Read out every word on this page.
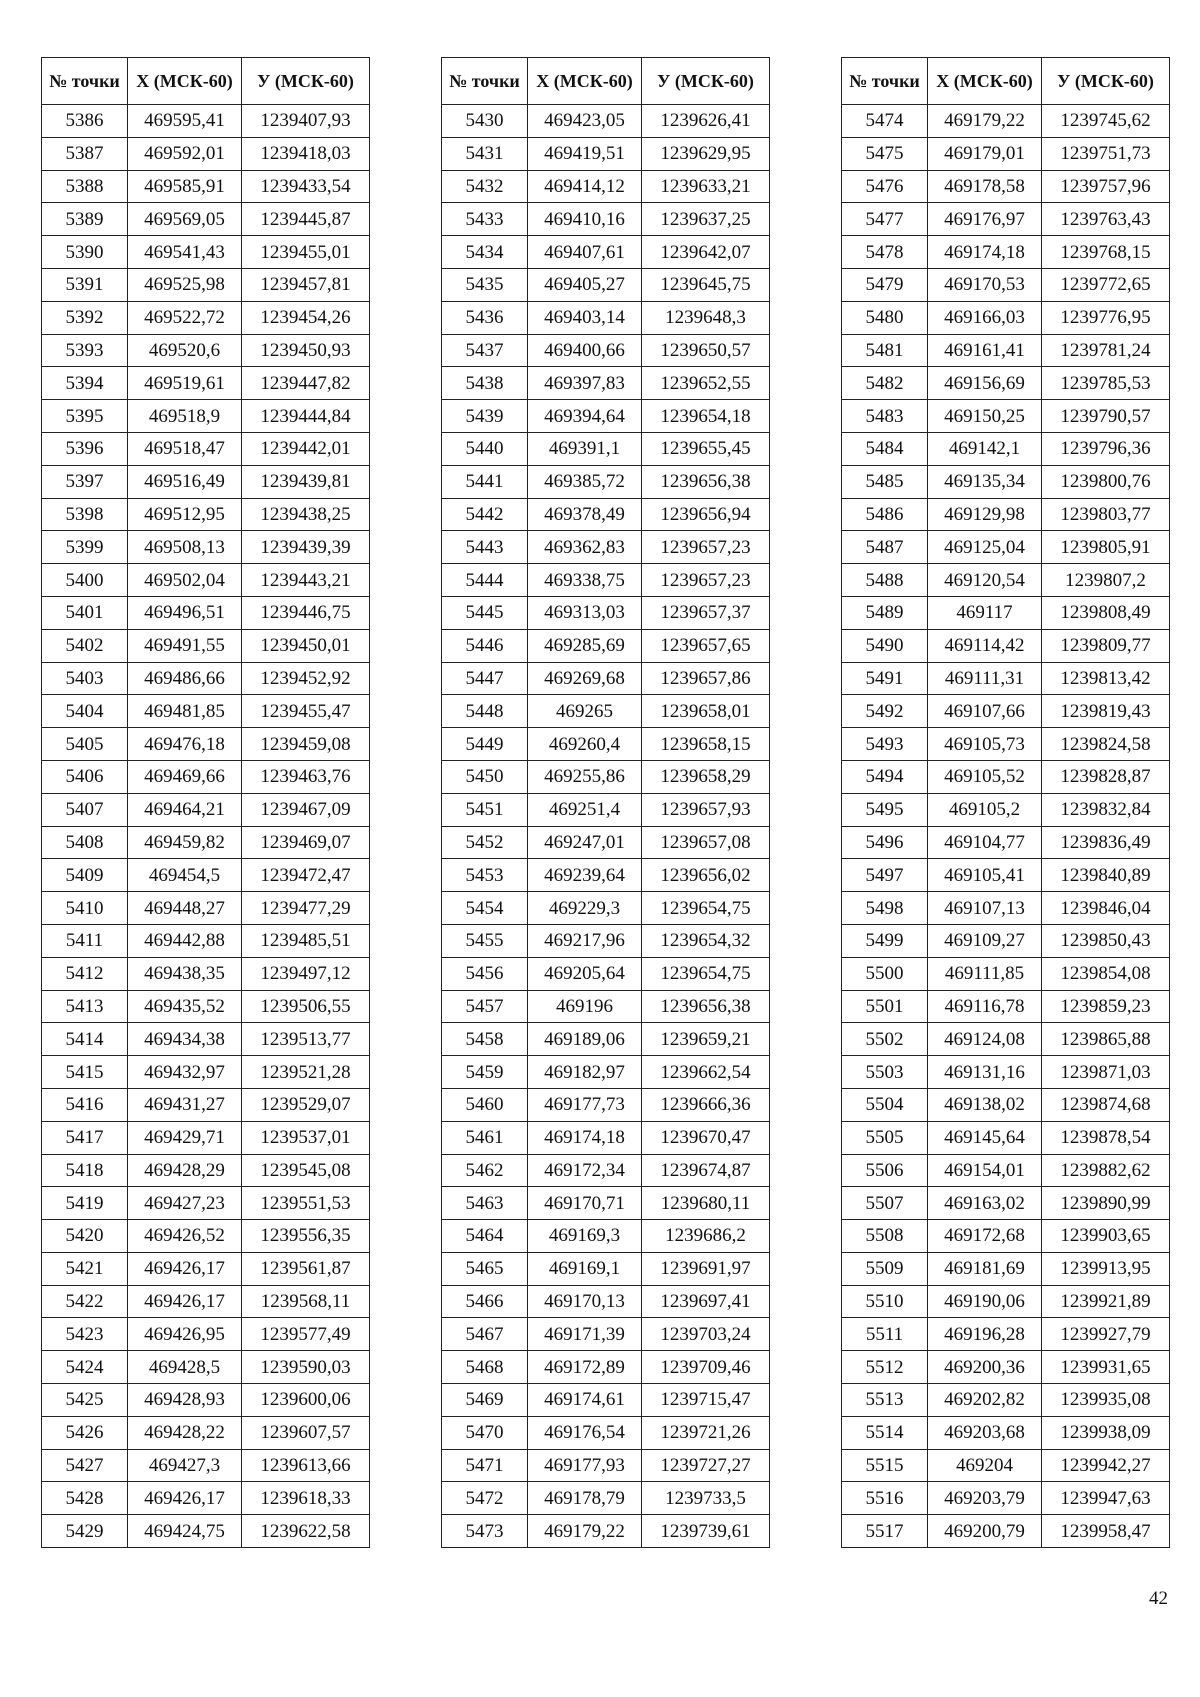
№ точки	Х (МСК-60)	У (МСК-60)
5386	469595,41	1239407,93
5387	469592,01	1239418,03
5388	469585,91	1239433,54
5389	469569,05	1239445,87
5390	469541,43	1239455,01
5391	469525,98	1239457,81
5392	469522,72	1239454,26
5393	469520,6	1239450,93
5394	469519,61	1239447,82
5395	469518,9	1239444,84
5396	469518,47	1239442,01
5397	469516,49	1239439,81
5398	469512,95	1239438,25
5399	469508,13	1239439,39
5400	469502,04	1239443,21
5401	469496,51	1239446,75
5402	469491,55	1239450,01
5403	469486,66	1239452,92
5404	469481,85	1239455,47
5405	469476,18	1239459,08
5406	469469,66	1239463,76
5407	469464,21	1239467,09
5408	469459,82	1239469,07
5409	469454,5	1239472,47
5410	469448,27	1239477,29
5411	469442,88	1239485,51
5412	469438,35	1239497,12
5413	469435,52	1239506,55
5414	469434,38	1239513,77
5415	469432,97	1239521,28
5416	469431,27	1239529,07
5417	469429,71	1239537,01
5418	469428,29	1239545,08
5419	469427,23	1239551,53
5420	469426,52	1239556,35
5421	469426,17	1239561,87
5422	469426,17	1239568,11
5423	469426,95	1239577,49
5424	469428,5	1239590,03
5425	469428,93	1239600,06
5426	469428,22	1239607,57
5427	469427,3	1239613,66
5428	469426,17	1239618,33
5429	469424,75	1239622,58
№ точки	Х (МСК-60)	У (МСК-60)
5430	469423,05	1239626,41
5431	469419,51	1239629,95
5432	469414,12	1239633,21
5433	469410,16	1239637,25
5434	469407,61	1239642,07
5435	469405,27	1239645,75
5436	469403,14	1239648,3
5437	469400,66	1239650,57
5438	469397,83	1239652,55
5439	469394,64	1239654,18
5440	469391,1	1239655,45
5441	469385,72	1239656,38
5442	469378,49	1239656,94
5443	469362,83	1239657,23
5444	469338,75	1239657,23
5445	469313,03	1239657,37
5446	469285,69	1239657,65
5447	469269,68	1239657,86
5448	469265	1239658,01
5449	469260,4	1239658,15
5450	469255,86	1239658,29
5451	469251,4	1239657,93
5452	469247,01	1239657,08
5453	469239,64	1239656,02
5454	469229,3	1239654,75
5455	469217,96	1239654,32
5456	469205,64	1239654,75
5457	469196	1239656,38
5458	469189,06	1239659,21
5459	469182,97	1239662,54
5460	469177,73	1239666,36
5461	469174,18	1239670,47
5462	469172,34	1239674,87
5463	469170,71	1239680,11
5464	469169,3	1239686,2
5465	469169,1	1239691,97
5466	469170,13	1239697,41
5467	469171,39	1239703,24
5468	469172,89	1239709,46
5469	469174,61	1239715,47
5470	469176,54	1239721,26
5471	469177,93	1239727,27
5472	469178,79	1239733,5
5473	469179,22	1239739,61
№ точки	Х (МСК-60)	У (МСК-60)
5474	469179,22	1239745,62
5475	469179,01	1239751,73
5476	469178,58	1239757,96
5477	469176,97	1239763,43
5478	469174,18	1239768,15
5479	469170,53	1239772,65
5480	469166,03	1239776,95
5481	469161,41	1239781,24
5482	469156,69	1239785,53
5483	469150,25	1239790,57
5484	469142,1	1239796,36
5485	469135,34	1239800,76
5486	469129,98	1239803,77
5487	469125,04	1239805,91
5488	469120,54	1239807,2
5489	469117	1239808,49
5490	469114,42	1239809,77
5491	469111,31	1239813,42
5492	469107,66	1239819,43
5493	469105,73	1239824,58
5494	469105,52	1239828,87
5495	469105,2	1239832,84
5496	469104,77	1239836,49
5497	469105,41	1239840,89
5498	469107,13	1239846,04
5499	469109,27	1239850,43
5500	469111,85	1239854,08
5501	469116,78	1239859,23
5502	469124,08	1239865,88
5503	469131,16	1239871,03
5504	469138,02	1239874,68
5505	469145,64	1239878,54
5506	469154,01	1239882,62
5507	469163,02	1239890,99
5508	469172,68	1239903,65
5509	469181,69	1239913,95
5510	469190,06	1239921,89
5511	469196,28	1239927,79
5512	469200,36	1239931,65
5513	469202,82	1239935,08
5514	469203,68	1239938,09
5515	469204	1239942,27
5516	469203,79	1239947,63
5517	469200,79	1239958,47
42
